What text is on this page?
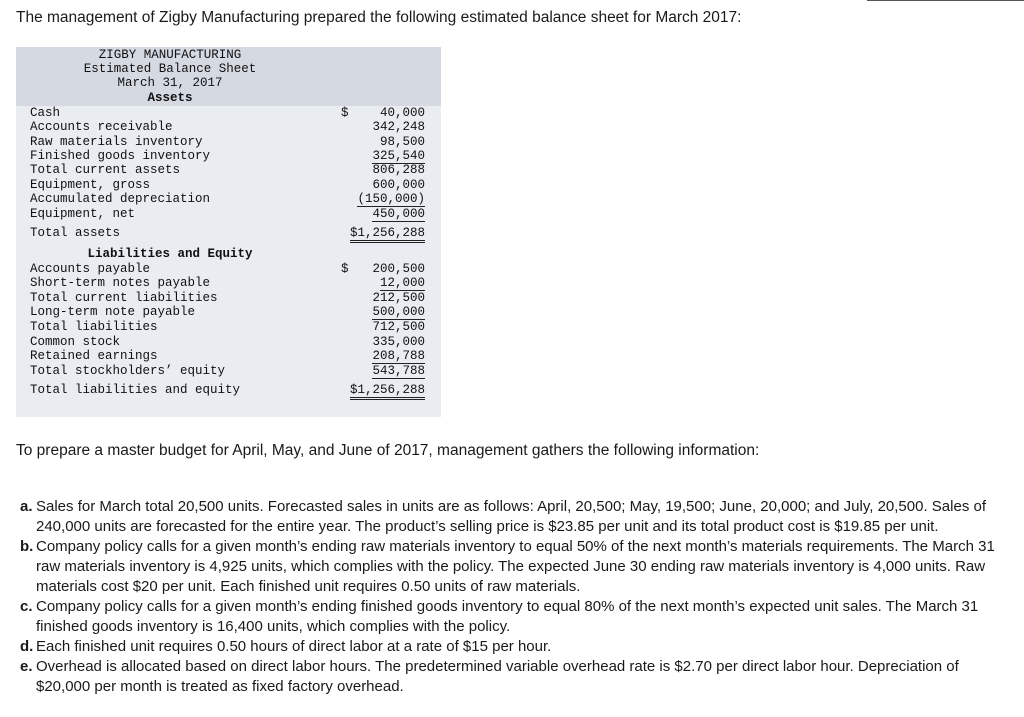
The management of Zigby Manufacturing prepared the following estimated balance sheet for March 2017:
ZIGBY MANUFACTURING
Estimated Balance Sheet
March 31, 2017
Assets
Cash	$	40,000
Accounts receivable	342,248
Raw materials inventory	98,500
Finished goods inventory	325,540
Total current assets	806,288
Equipment, gross	600,000
Accumulated depreciation	(150,000)
Equipment, net	450,000
Total assets	$1,256,288
Liabilities and Equity
Accounts payable	$ 200,500
Short-term notes payable	12,000
Total current liabilities	212,500
Long-term note payable	500,000
Total liabilities	712,500
Common stock	335,000
Retained earnings	208,788
Total stockholders’ equity	543,788
Total liabilities and equity	$1,256,288
To prepare a master budget for April, May, and June of 2017, management gathers the following information:
a. Sales for March total 20,500 units. Forecasted sales in units are as follows: April, 20,500; May, 19,500; June, 20,000; and July, 20,500. Sales of 240,000 units are forecasted for the entire year. The product’s selling price is $23.85 per unit and its total product cost is $19.85 per unit.
b. Company policy calls for a given month’s ending raw materials inventory to equal 50% of the next month’s materials requirements. The March 31 raw materials inventory is 4,925 units, which complies with the policy. The expected June 30 ending raw materials inventory is 4,000 units. Raw materials cost $20 per unit. Each finished unit requires 0.50 units of raw materials.
c. Company policy calls for a given month’s ending finished goods inventory to equal 80% of the next month’s expected unit sales. The March 31 finished goods inventory is 16,400 units, which complies with the policy.
d. Each finished unit requires 0.50 hours of direct labor at a rate of $15 per hour.
e. Overhead is allocated based on direct labor hours. The predetermined variable overhead rate is $2.70 per direct labor hour. Depreciation of $20,000 per month is treated as fixed factory overhead.
